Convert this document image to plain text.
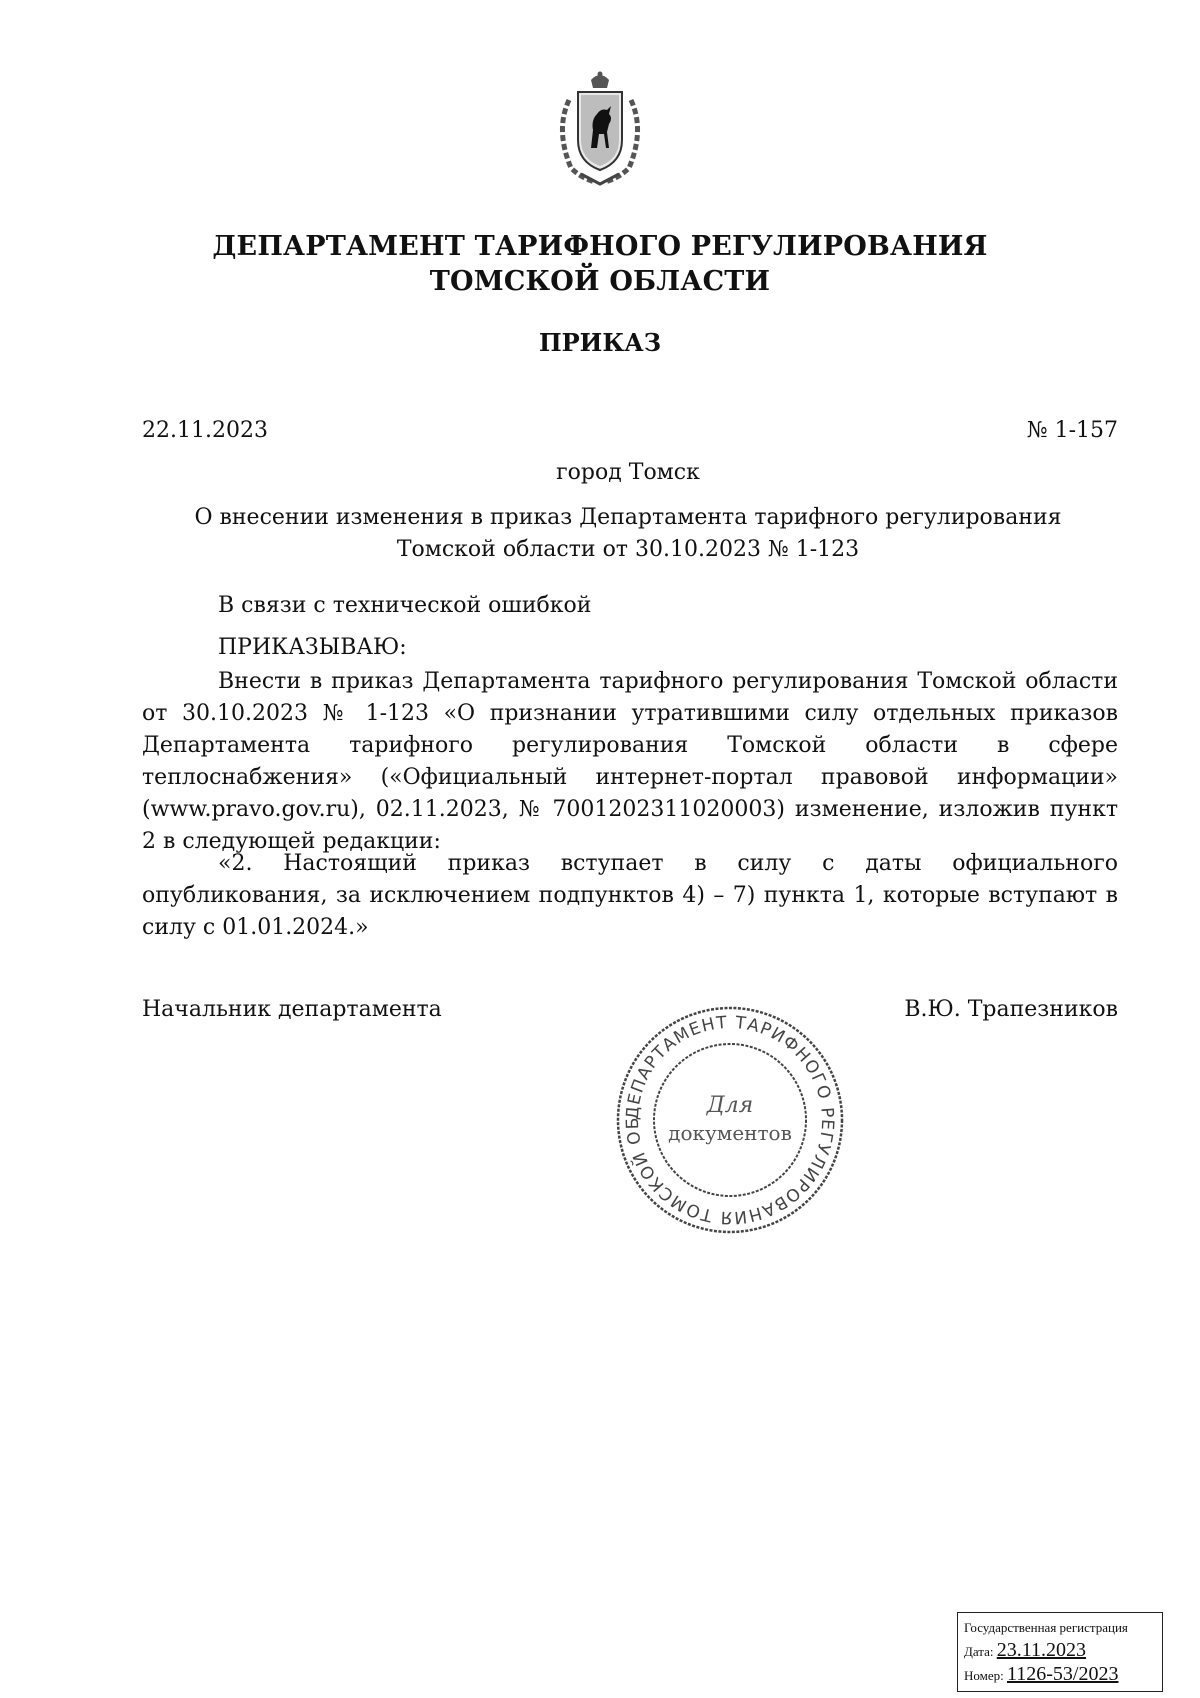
ДЕПАРТАМЕНТ ТАРИФНОГО РЕГУЛИРОВАНИЯ
ТОМСКОЙ ОБЛАСТИ
ПРИКАЗ
22.11.2023	№ 1-157
город Томск
О внесении изменения в приказ Департамента тарифного регулирования
Томской области от 30.10.2023 № 1-123
В связи с технической ошибкой
ПРИКАЗЫВАЮ:
Внести в приказ Департамента тарифного регулирования Томской области от 30.10.2023 № 1-123 «О признании утратившими силу отдельных приказов Департамента тарифного регулирования Томской области в сфере теплоснабжения» («Официальный интернет-портал правовой информации» (www.pravo.gov.ru), 02.11.2023, № 7001202311020003) изменение, изложив пункт 2 в следующей редакции:
«2. Настоящий приказ вступает в силу с даты официального опубликования, за исключением подпунктов 4) – 7) пункта 1, которые вступают в силу с 01.01.2024.»
Начальник департамента	В.Ю. Трапезников
ДЕПАРТАМЕНТ ТАРИФНОГО РЕГУЛИРОВАНИЯ ТОМСКОЙ ОБ
Для
документов
Государственная регистрация
Дата: 23.11.2023
Номер: 1126-53/2023
